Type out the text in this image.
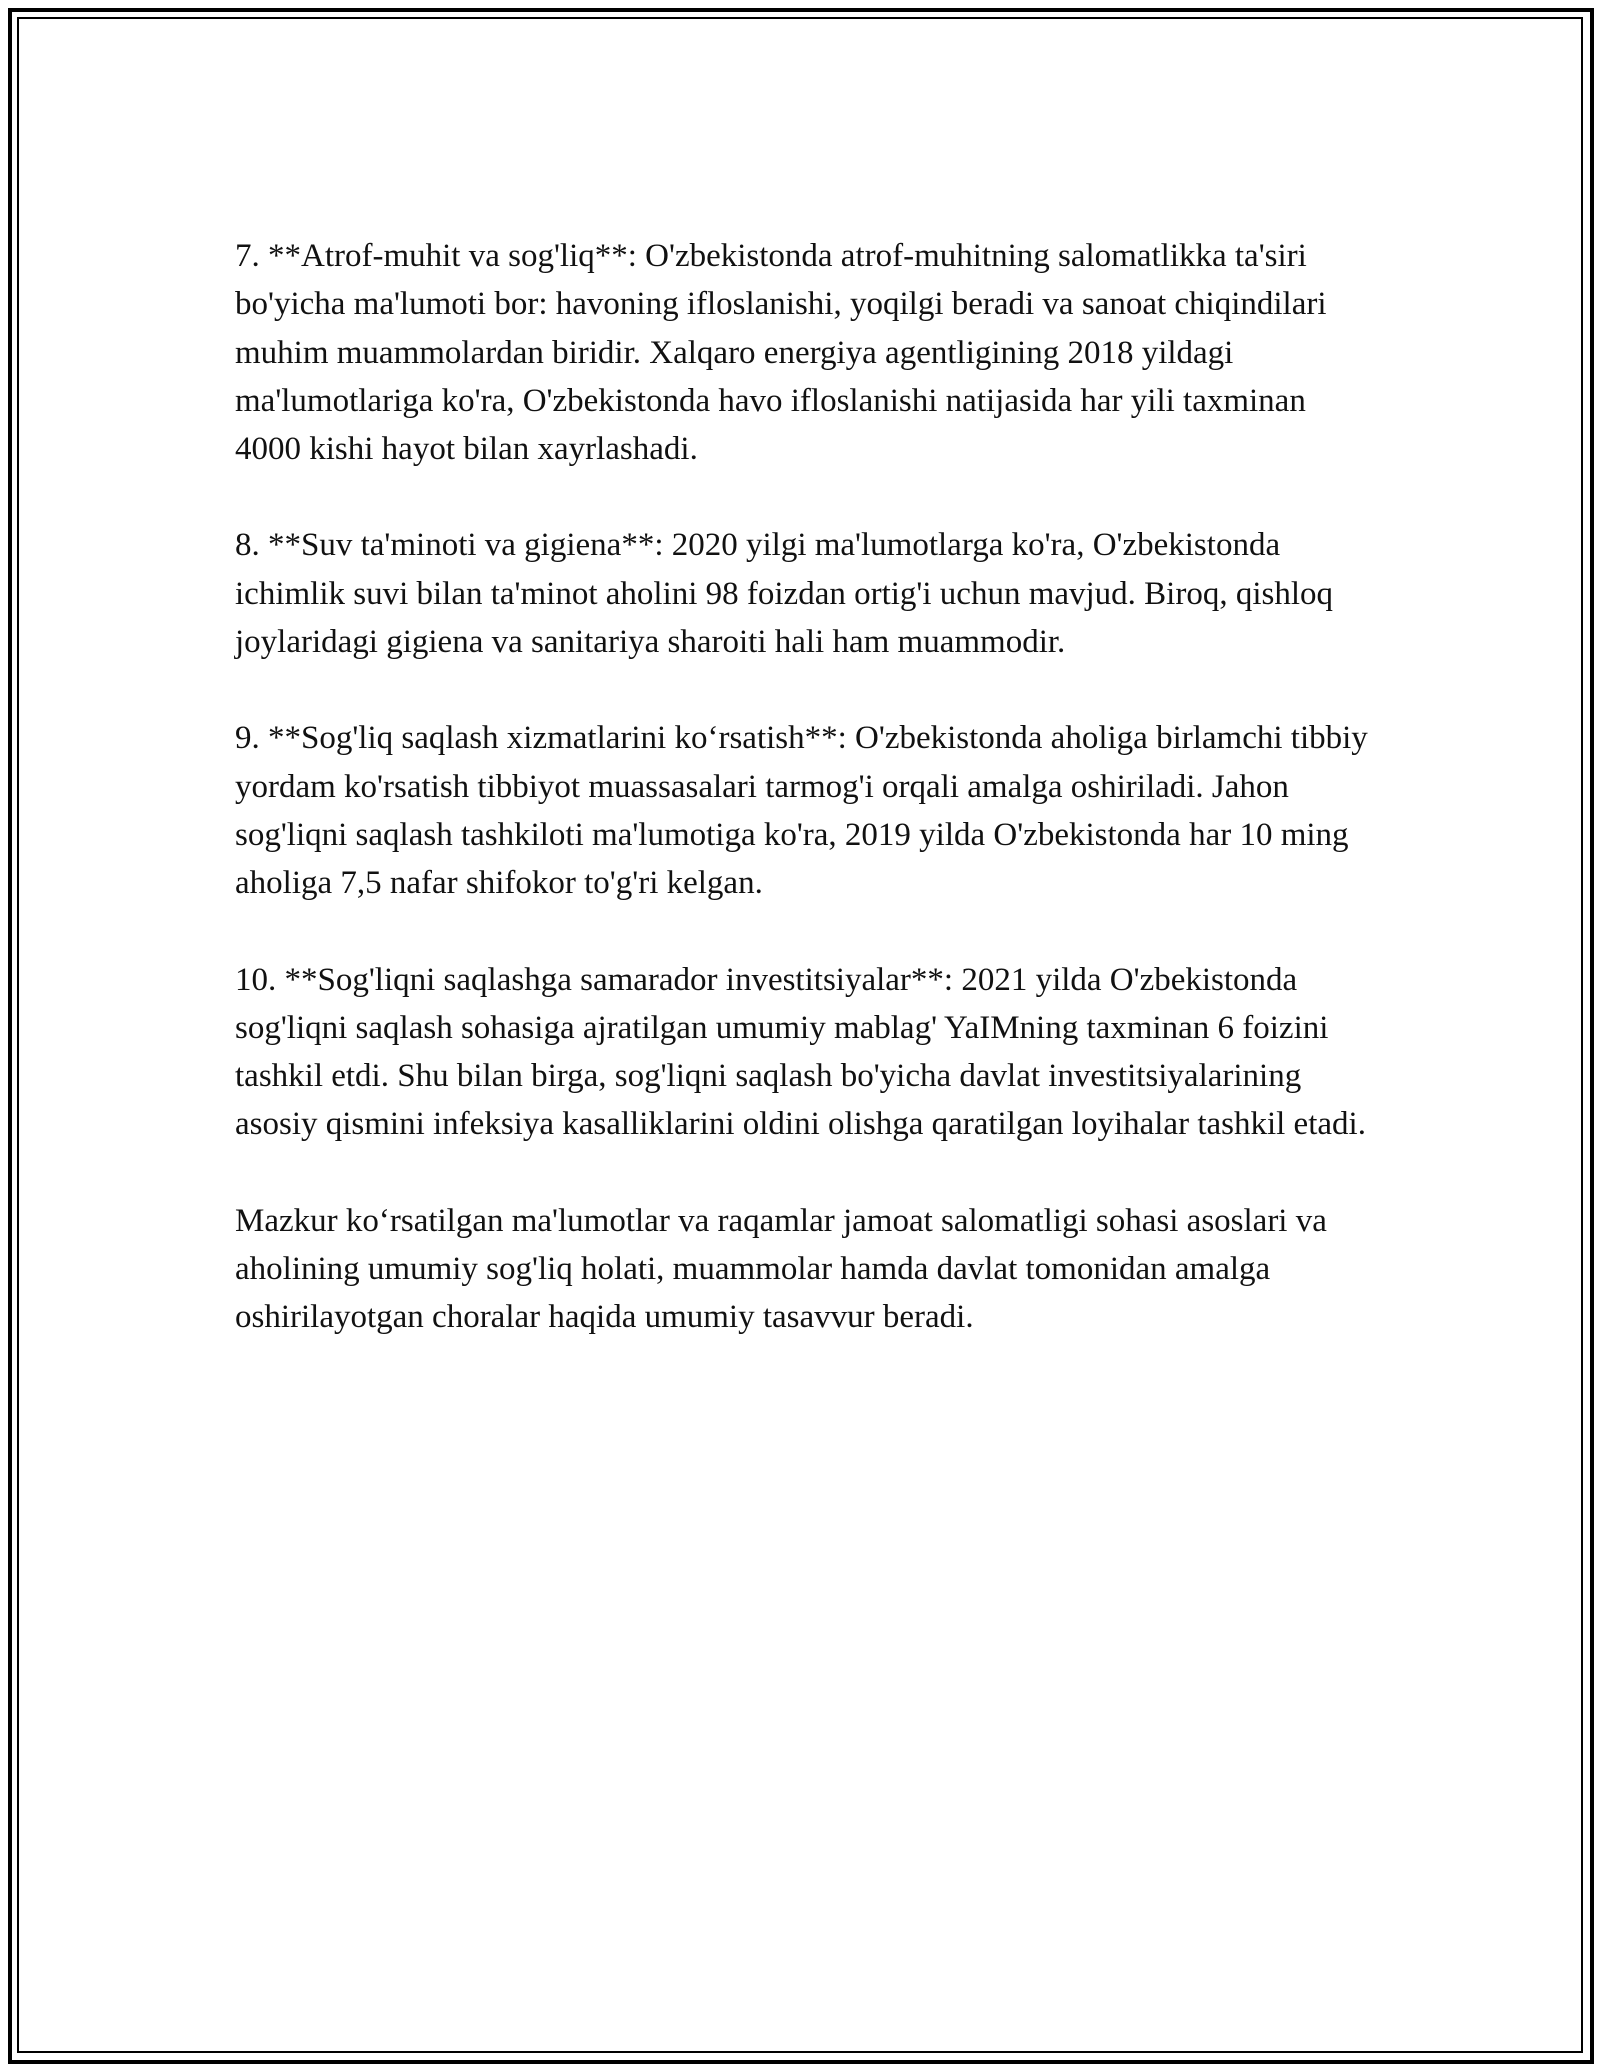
7. **Atrof-muhit va sog'liq**: O'zbekistonda atrof-muhitning salomatlikka ta'siri bo'yicha ma'lumoti bor: havoning ifloslanishi, yoqilgi beradi va sanoat chiqindilari muhim muammolardan biridir. Xalqaro energiya agentligining 2018 yildagi ma'lumotlariga ko'ra, O'zbekistonda havo ifloslanishi natijasida har yili taxminan 4000 kishi hayot bilan xayrlashadi.

8. **Suv ta'minoti va gigiena**: 2020 yilgi ma'lumotlarga ko'ra, O'zbekistonda ichimlik suvi bilan ta'minot aholini 98 foizdan ortig'i uchun mavjud. Biroq, qishloq joylaridagi gigiena va sanitariya sharoiti hali ham muammodir.

9. **Sog'liq saqlash xizmatlarini ko‘rsatish**: O'zbekistonda aholiga birlamchi tibbiy yordam ko'rsatish tibbiyot muassasalari tarmog'i orqali amalga oshiriladi. Jahon sog'liqni saqlash tashkiloti ma'lumotiga ko'ra, 2019 yilda O'zbekistonda har 10 ming aholiga 7,5 nafar shifokor to'g'ri kelgan.

10. **Sog'liqni saqlashga samarador investitsiyalar**: 2021 yilda O'zbekistonda sog'liqni saqlash sohasiga ajratilgan umumiy mablag' YaIMning taxminan 6 foizini tashkil etdi. Shu bilan birga, sog'liqni saqlash bo'yicha davlat investitsiyalarining asosiy qismini infeksiya kasalliklarini oldini olishga qaratilgan loyihalar tashkil etadi.

Mazkur ko‘rsatilgan ma'lumotlar va raqamlar jamoat salomatligi sohasi asoslari va aholining umumiy sog'liq holati, muammolar hamda davlat tomonidan amalga oshirilayotgan choralar haqida umumiy tasavvur beradi.
